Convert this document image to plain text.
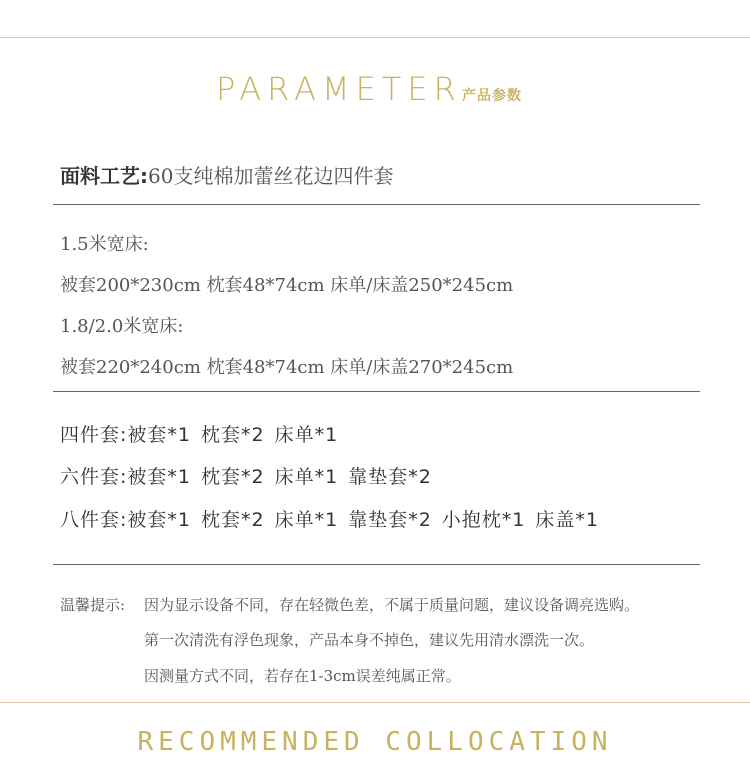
PARAMETER 产品参数
面料工艺:60支纯棉加蕾丝花边四件套
1.5米宽床:
被套200*230cm 枕套48*74cm 床单/床盖250*245cm
1.8/2.0米宽床:
被套220*240cm 枕套48*74cm 床单/床盖270*245cm
四件套:被套*1 枕套*2 床单*1
六件套:被套*1 枕套*2 床单*1 靠垫套*2
八件套:被套*1 枕套*2 床单*1 靠垫套*2 小抱枕*1 床盖*1
温馨提示: 因为显示设备不同，存在轻微色差，不属于质量问题，建议设备调亮选购。
第一次清洗有浮色现象，产品本身不掉色，建议先用清水漂洗一次。
因测量方式不同，若存在1-3cm误差纯属正常。
RECOMMENDED COLLOCATION
